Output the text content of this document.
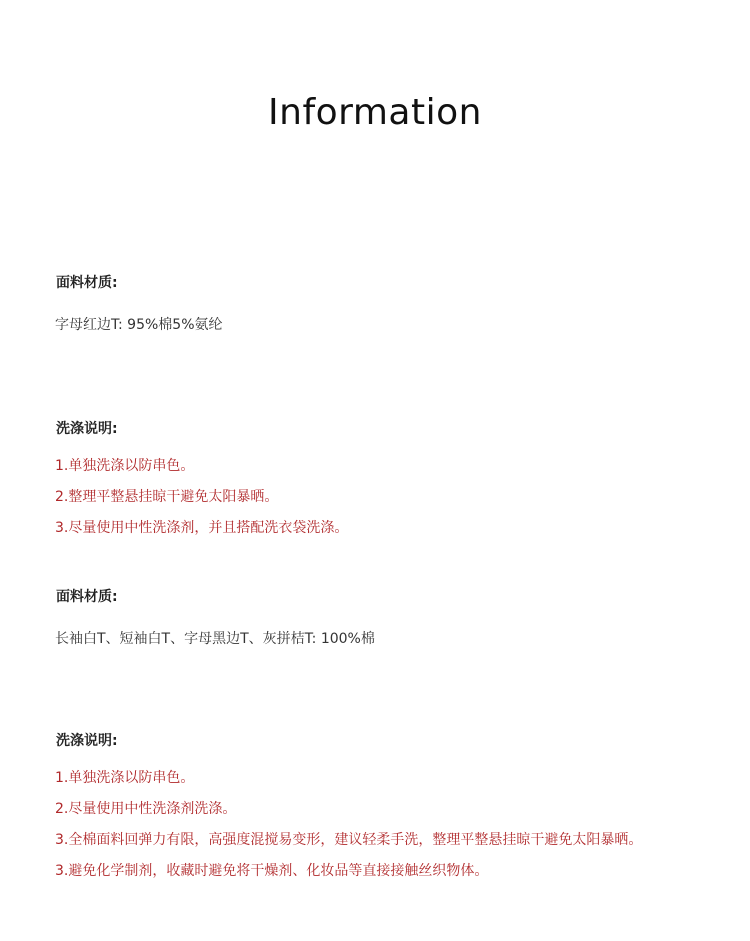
Information
面料材质:
字母红边T: 95%棉5%氨纶
洗涤说明:
1.单独洗涤以防串色。
2.整理平整悬挂晾干避免太阳暴晒。
3.尽量使用中性洗涤剂，并且搭配洗衣袋洗涤。
面料材质:
长袖白T、短袖白T、字母黑边T、灰拼桔T: 100%棉
洗涤说明:
1.单独洗涤以防串色。
2.尽量使用中性洗涤剂洗涤。
3.全棉面料回弹力有限，高强度混搅易变形，建议轻柔手洗，整理平整悬挂晾干避免太阳暴晒。
3.避免化学制剂，收藏时避免将干燥剂、化妆品等直接接触丝织物体。
